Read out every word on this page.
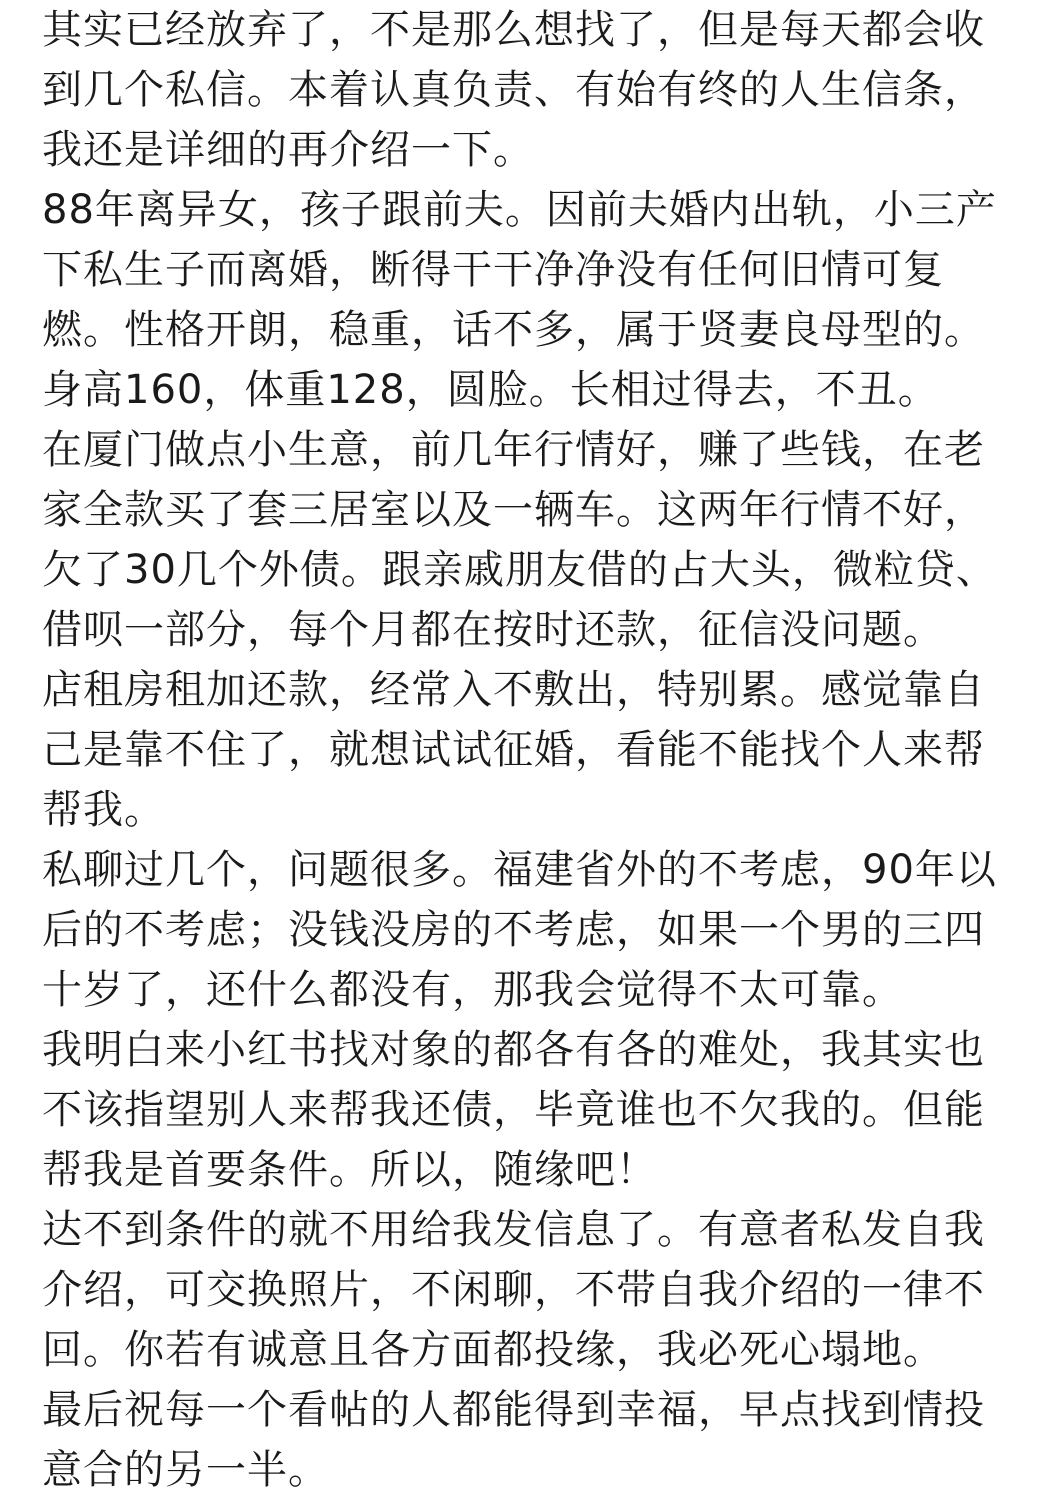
其实已经放弃了，不是那么想找了，但是每天都会收到几个私信。本着认真负责、有始有终的人生信条，我还是详细的再介绍一下。

88年离异女，孩子跟前夫。因前夫婚内出轨，小三产下私生子而离婚，断得干干净净没有任何旧情可复燃。性格开朗，稳重，话不多，属于贤妻良母型的。

身高160，体重128，圆脸。长相过得去，不丑。

在厦门做点小生意，前几年行情好，赚了些钱，在老家全款买了套三居室以及一辆车。这两年行情不好，欠了30几个外债。跟亲戚朋友借的占大头，微粒贷、借呗一部分，每个月都在按时还款，征信没问题。

店租房租加还款，经常入不敷出，特别累。感觉靠自己是靠不住了，就想试试征婚，看能不能找个人来帮帮我。

私聊过几个，问题很多。福建省外的不考虑，90年以后的不考虑；没钱没房的不考虑，如果一个男的三四十岁了，还什么都没有，那我会觉得不太可靠。

我明白来小红书找对象的都各有各的难处，我其实也不该指望别人来帮我还债，毕竟谁也不欠我的。但能帮我是首要条件。所以，随缘吧！

达不到条件的就不用给我发信息了。有意者私发自我介绍，可交换照片，不闲聊，不带自我介绍的一律不回。你若有诚意且各方面都投缘，我必死心塌地。

最后祝每一个看帖的人都能得到幸福，早点找到情投意合的另一半。
